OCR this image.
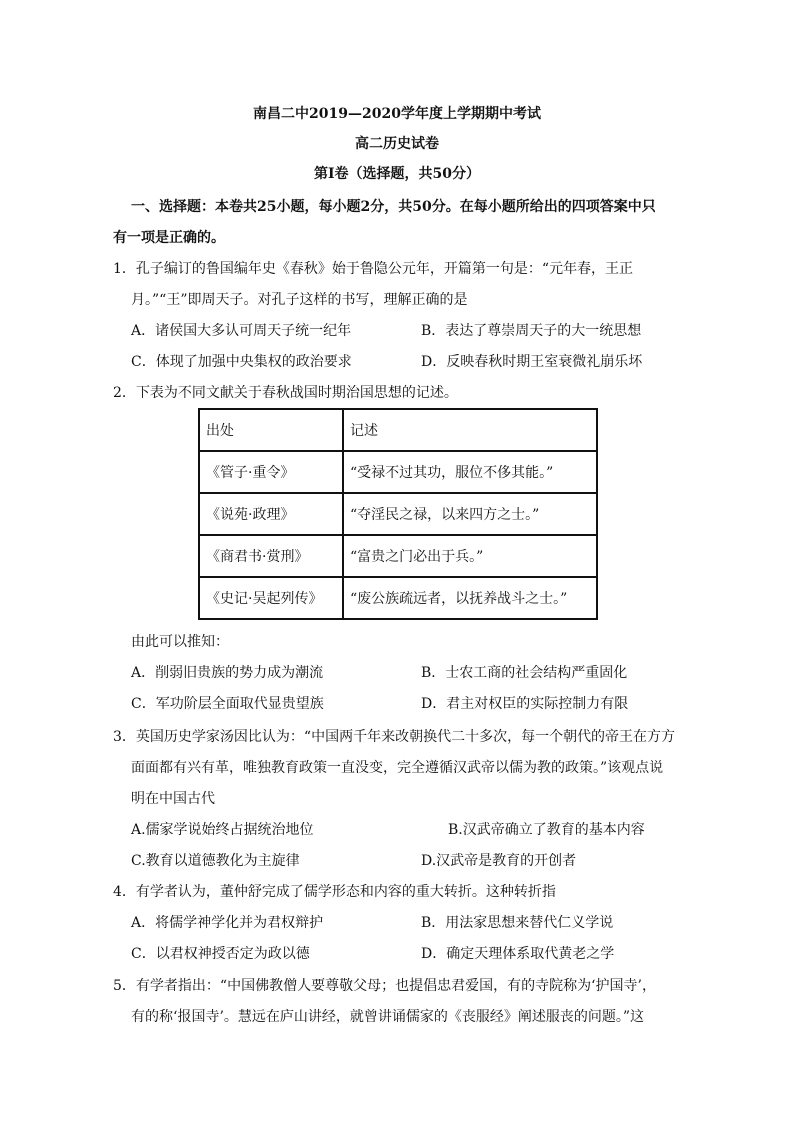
南昌二中2019—2020学年度上学期期中考试
高二历史试卷
第Ⅰ卷（选择题，共50分）
一、选择题：本卷共25小题，每小题2分，共50分。在每小题所给出的四项答案中只
有一项是正确的。
1．孔子编订的鲁国编年史《春秋》始于鲁隐公元年，开篇第一句是：“元年春，王正
月。”“王”即周天子。对孔子这样的书写，理解正确的是
A．诸侯国大多认可周天子统一纪年	B．表达了尊崇周天子的大一统思想
C．体现了加强中央集权的政治要求	D．反映春秋时期王室衰微礼崩乐坏
2．下表为不同文献关于春秋战国时期治国思想的记述。
出处	记述
《管子·重令》	“受禄不过其功，服位不侈其能。”
《说苑·政理》	“夺淫民之禄，以来四方之士。”
《商君书·赏刑》	“富贵之门必出于兵。”
《史记·吴起列传》	“废公族疏远者，以抚养战斗之士。”
由此可以推知：
A．削弱旧贵族的势力成为潮流	B．士农工商的社会结构严重固化
C．军功阶层全面取代显贵望族	D．君主对权臣的实际控制力有限
3．英国历史学家汤因比认为：“中国两千年来改朝换代二十多次，每一个朝代的帝王在方方
面面都有兴有革，唯独教育政策一直没变，完全遵循汉武帝以儒为教的政策。”该观点说
明在中国古代
A.儒家学说始终占据统治地位	B.汉武帝确立了教育的基本内容
C.教育以道德教化为主旋律	D.汉武帝是教育的开创者
4．有学者认为，董仲舒完成了儒学形态和内容的重大转折。这种转折指
A．将儒学神学化并为君权辩护	B．用法家思想来替代仁义学说
C．以君权神授否定为政以德	D．确定天理体系取代黄老之学
5．有学者指出：“中国佛教僧人要尊敬父母；也提倡忠君爱国，有的寺院称为‘护国寺’，
有的称‘报国寺’。慧远在庐山讲经，就曾讲诵儒家的《丧服经》阐述服丧的问题。”这
